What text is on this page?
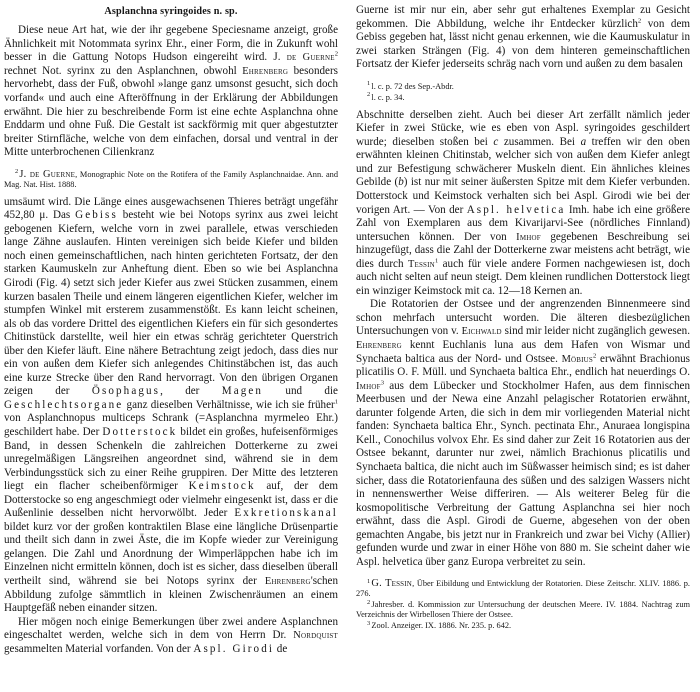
Asplanchna syringoides n. sp.

Diese neue Art hat, wie der ihr gegebene Speciesname anzeigt, große Ähnlichkeit mit Notommata syrinx Ehr., einer Form, die in Zukunft wohl besser in die Gattung Notops Hudson eingereiht wird. J. de Guerne$^2$ rechnet Not. syrinx zu den Asplanchnen, obwohl Ehrenberg besonders hervorhebt, dass der Fuß, obwohl »lange ganz umsonst gesucht, sich doch vorfand« und auch eine Afteröffnung in der Erklärung der Abbildungen erwähnt. Die hier zu beschreibende Form ist eine echte Asplanchna ohne Enddarm und ohne Fuß. Die Gestalt ist sackförmig mit quer abgestutzter breiter Stirnfläche, welche von dem einfachen, dorsal und ventral in der Mitte unterbrochenen Cilienkranz

$^2$J. de Guerne, Monographic Note on the Rotifera of the Family Asplanchnaidae. Ann. and Mag. Nat. Hist. 1888.

umsäumt wird. Die Länge eines ausgewachsenen Thieres beträgt ungefähr 452,80 μ. Das Gebiss besteht wie bei Notops syrinx aus zwei leicht gebogenen Kiefern, welche vorn in zwei parallele, etwas verschieden lange Zähne auslaufen. Hinten vereinigen sich beide Kiefer und bilden noch einen gemeinschaftlichen, nach hinten gerichteten Fortsatz, der den starken Kaumuskeln zur Anheftung dient. Eben so wie bei Asplanchna Girodi (Fig. 4) setzt sich jeder Kiefer aus zwei Stücken zusammen, einem kurzen basalen Theile und einem längeren eigentlichen Kiefer, welcher im stumpfen Winkel mit ersterem zusammenstößt. Es kann leicht scheinen, als ob das vordere Drittel des eigentlichen Kiefers ein für sich gesondertes Chitinstück darstellte, weil hier ein etwas schräg gerichteter Querstrich über den Kiefer läuft. Eine nähere Betrachtung zeigt jedoch, dass dies nur ein von außen dem Kiefer sich anlegendes Chitinstäbchen ist, das auch eine kurze Strecke über den Rand hervorragt. Von den übrigen Organen zeigen der Ösophagus, der Magen und die Geschlechtsorgane ganz dieselben Verhältnisse, wie ich sie früher$^1$ von Asplanchnopus multiceps Schrank (=Asplanchna myrmeleo Ehr.) geschildert habe. Der Dotterstock bildet ein großes, hufeisenförmiges Band, in dessen Schenkeln die zahlreichen Dotterkerne zu zwei unregelmäßigen Längsreihen angeordnet sind, während sie in dem Verbindungsstück sich zu einer Reihe gruppiren. Der Mitte des letzteren liegt ein flacher scheibenförmiger Keimstock auf, der dem Dotterstocke so eng angeschmiegt oder vielmehr eingesenkt ist, dass er die Außenlinie desselben nicht hervorwölbt. Jeder Exkretionskanal bildet kurz vor der großen kontraktilen Blase eine längliche Drüsenpartie und theilt sich dann in zwei Äste, die im Kopfe wieder zur Vereinigung gelangen. Die Zahl und Anordnung der Wimperläppchen habe ich im Einzelnen nicht ermitteln können, doch ist es sicher, dass dieselben überall vertheilt sind, während sie bei Notops syrinx der Ehrenberg'schen Abbildung zufolge sämmtlich in kleinen Zwischenräumen an einem Hauptgefäß neben einander sitzen.

Hier mögen noch einige Bemerkungen über zwei andere Asplanchnen eingeschaltet werden, welche sich in dem von Herrn Dr. Nordquist gesammelten Material vorfanden. Von der Aspl. Girodi de

Guerne ist mir nur ein, aber sehr gut erhaltenes Exemplar zu Gesicht gekommen. Die Abbildung, welche ihr Entdecker kürzlich$^2$ von dem Gebiss gegeben hat, lässt nicht genau erkennen, wie die Kaumuskulatur in zwei starken Strängen (Fig. 4) von dem hinteren gemeinschaftlichen Fortsatz der Kiefer jederseits schräg nach vorn und außen zu dem basalen

$^1$l. c. p. 72 des Sep.-Abdr.

$^2$l. c. p. 34.

Abschnitte derselben zieht. Auch bei dieser Art zerfällt nämlich jeder Kiefer in zwei Stücke, wie es eben von Aspl. syringoides geschildert wurde; dieselben stoßen bei c zusammen. Bei a treffen wir den oben erwähnten kleinen Chitinstab, welcher sich von außen dem Kiefer anlegt und zur Befestigung schwächerer Muskeln dient. Ein ähnliches kleines Gebilde (b) ist nur mit seiner äußersten Spitze mit dem Kiefer verbunden. Dotterstock und Keimstock verhalten sich bei Aspl. Girodi wie bei der vorigen Art. — Von der Aspl. helvetica Imh. habe ich eine größere Zahl von Exemplaren aus dem Kivarijarvi-See (nördliches Finnland) untersuchen können. Der von Imhof gegebenen Beschreibung sei hinzugefügt, dass die Zahl der Dotterkerne zwar meistens acht beträgt, wie dies durch Tessin$^1$ auch für viele andere Formen nachgewiesen ist, doch auch nicht selten auf neun steigt. Dem kleinen rundlichen Dotterstock liegt ein winziger Keimstock mit ca. 12—18 Kernen an.

Die Rotatorien der Ostsee und der angrenzenden Binnenmeere sind schon mehrfach untersucht worden. Die älteren diesbezüglichen Untersuchungen von v. Eichwald sind mir leider nicht zugänglich gewesen. Ehrenberg kennt Euchlanis luna aus dem Hafen von Wismar und Synchaeta baltica aus der Nord- und Ostsee. Möbius$^2$ erwähnt Brachionus plicatilis O. F. Müll. und Synchaeta baltica Ehr., endlich hat neuerdings O. Imhof$^3$ aus dem Lübecker und Stockholmer Hafen, aus dem finnischen Meerbusen und der Newa eine Anzahl pelagischer Rotatorien erwähnt, darunter folgende Arten, die sich in dem mir vorliegenden Material nicht fanden: Synchaeta baltica Ehr., Synch. pectinata Ehr., Anuraea longispina Kell., Conochilus volvox Ehr. Es sind daher zur Zeit 16 Rotatorien aus der Ostsee bekannt, darunter nur zwei, nämlich Brachionus plicatilis und Synchaeta baltica, die nicht auch im Süßwasser heimisch sind; es ist daher sicher, dass die Rotatorienfauna des süßen und des salzigen Wassers nicht in nennenswerther Weise differiren. — Als weiterer Beleg für die kosmopolitische Verbreitung der Gattung Asplanchna sei hier noch erwähnt, dass die Aspl. Girodi de Guerne, abgesehen von der oben gemachten Angabe, bis jetzt nur in Frankreich und zwar bei Vichy (Allier) gefunden wurde und zwar in einer Höhe von 880 m. Sie scheint daher wie Aspl. helvetica über ganz Europa verbreitet zu sein.

$^1$G. Tessin, Über Eibildung und Entwicklung der Rotatorien. Diese Zeitschr. XLIV. 1886. p. 276.

$^2$Jahresber. d. Kommission zur Untersuchung der deutschen Meere. IV. 1884. Nachtrag zum Verzeichnis der Wirbellosen Thiere der Ostsee.

$^3$Zool. Anzeiger. IX. 1886. Nr. 235. p. 642.
